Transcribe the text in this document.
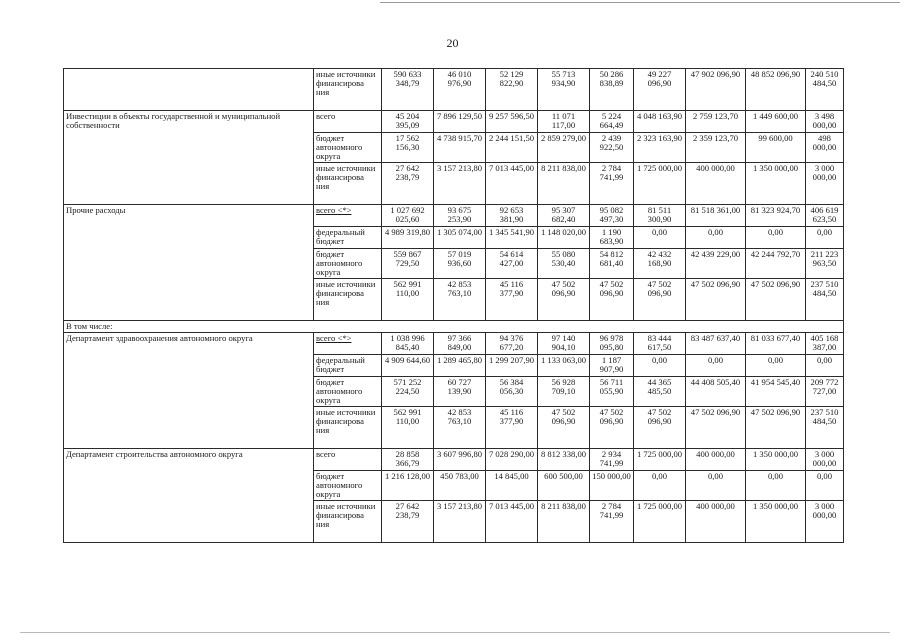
20
	иные источники финансирова ния	590 633 348,79	46 010 976,90	52 129 822,90	55 713 934,90	50 286 838,89	49 227 096,90	47 902 096,90	48 852 096,90	240 510 484,50
Инвестиции в объекты государственной и муниципальной собственности	всего	45 204 395,09	7 896 129,50	9 257 596,50	11 071 117,00	5 224 664,49	4 048 163,90	2 759 123,70	1 449 600,00	3 498 000,00
	бюджет автономного округа	17 562 156,30	4 738 915,70	2 244 151,50	2 859 279,00	2 439 922,50	2 323 163,90	2 359 123,70	99 600,00	498 000,00
	иные источники финансирова ния	27 642 238,79	3 157 213,80	7 013 445,00	8 211 838,00	2 784 741,99	1 725 000,00	400 000,00	1 350 000,00	3 000 000,00
Прочие расходы	всего <*>	1 027 692 025,60	93 675 253,90	92 653 381,90	95 307 682,40	95 082 497,30	81 511 300,90	81 518 361,00	81 323 924,70	406 619 623,50
	федеральный бюджет	4 989 319,80	1 305 074,00	1 345 541,90	1 148 020,00	1 190 683,90	0,00	0,00	0,00	0,00
	бюджет автономного округа	559 867 729,50	57 019 936,60	54 614 427,00	55 080 530,40	54 812 681,40	42 432 168,90	42 439 229,00	42 244 792,70	211 223 963,50
	иные источники финансирова ния	562 991 110,00	42 853 763,10	45 116 377,90	47 502 096,90	47 502 096,90	47 502 096,90	47 502 096,90	47 502 096,90	237 510 484,50
В том числе:										
Департамент здравоохранения автономного округа	всего <*>	1 038 996 845,40	97 366 849,00	94 376 677,20	97 140 904,10	96 978 095,80	83 444 617,50	83 487 637,40	81 033 677,40	405 168 387,00
	федеральный бюджет	4 909 644,60	1 289 465,80	1 299 207,90	1 133 063,00	1 187 907,90	0,00	0,00	0,00	0,00
	бюджет автономного округа	571 252 224,50	60 727 139,90	56 384 056,30	56 928 709,10	56 711 055,90	44 365 485,50	44 408 505,40	41 954 545,40	209 772 727,00
	иные источники финансирова ния	562 991 110,00	42 853 763,10	45 116 377,90	47 502 096,90	47 502 096,90	47 502 096,90	47 502 096,90	47 502 096,90	237 510 484,50
Департамент строительства автономного округа	всего	28 858 366,79	3 607 996,80	7 028 290,00	8 812 338,00	2 934 741,99	1 725 000,00	400 000,00	1 350 000,00	3 000 000,00
	бюджет автономного округа	1 216 128,00	450 783,00	14 845,00	600 500,00	150 000,00	0,00	0,00	0,00	0,00
	иные источники финансирова ния	27 642 238,79	3 157 213,80	7 013 445,00	8 211 838,00	2 784 741,99	1 725 000,00	400 000,00	1 350 000,00	3 000 000,00
